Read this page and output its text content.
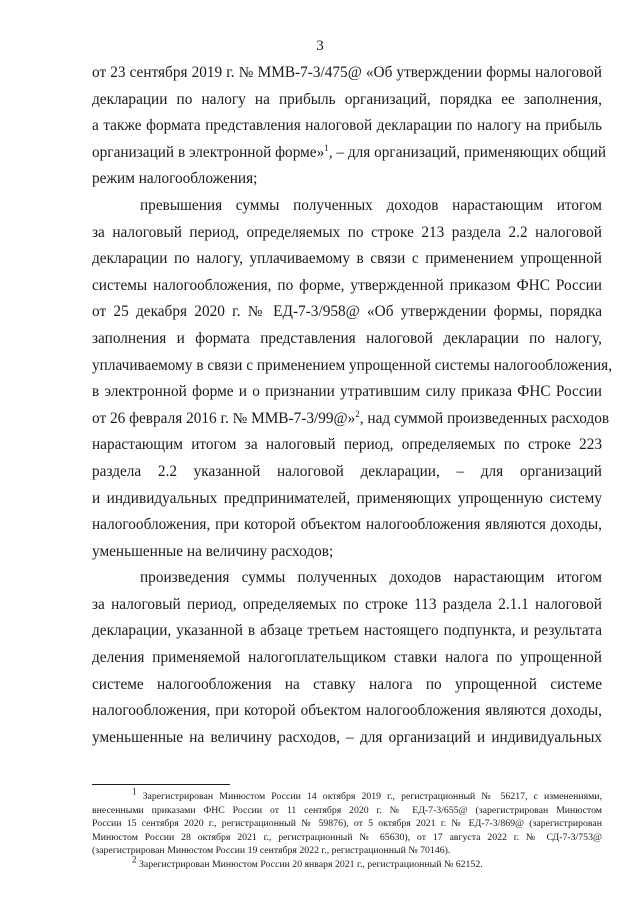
3
от 23 сентября 2019 г. № ММВ-7-3/475@ «Об утверждении формы налоговой
декларации по налогу на прибыль организаций, порядка ее заполнения,
а также формата представления налоговой декларации по налогу на прибыль
организаций в электронной форме»$^1$, – для организаций, применяющих общий
режим налогообложения;
превышения суммы полученных доходов нарастающим итогом
за налоговый период, определяемых по строке 213 раздела 2.2 налоговой
декларации по налогу, уплачиваемому в связи с применением упрощенной
системы налогообложения, по форме, утвержденной приказом ФНС России
от 25 декабря 2020 г. № ЕД-7-3/958@ «Об утверждении формы, порядка
заполнения и формата представления налоговой декларации по налогу,
уплачиваемому в связи с применением упрощенной системы налогообложения,
в электронной форме и о признании утратившим силу приказа ФНС России
от 26 февраля 2016 г. № ММВ-7-3/99@»$^2$, над суммой произведенных расходов
нарастающим итогом за налоговый период, определяемых по строке 223
раздела 2.2 указанной налоговой декларации, – для организаций
и индивидуальных предпринимателей, применяющих упрощенную систему
налогообложения, при которой объектом налогообложения являются доходы,
уменьшенные на величину расходов;
произведения суммы полученных доходов нарастающим итогом
за налоговый период, определяемых по строке 113 раздела 2.1.1 налоговой
декларации, указанной в абзаце третьем настоящего подпункта, и результата
деления применяемой налогоплательщиком ставки налога по упрощенной
системе налогообложения на ставку налога по упрощенной системе
налогообложения, при которой объектом налогообложения являются доходы,
уменьшенные на величину расходов, – для организаций и индивидуальных
$^1$ Зарегистрирован Минюстом России 14 октября 2019 г., регистрационный № 56217, с изменениями,
внесенными приказами ФНС России от 11 сентября 2020 г. № ЕД-7-3/655@ (зарегистрирован Минюстом
России 15 сентября 2020 г., регистрационный № 59876), от 5 октября 2021 г. № ЕД-7-3/869@ (зарегистрирован
Минюстом России 28 октября 2021 г., регистрационный № 65630), от 17 августа 2022 г. № СД-7-3/753@
(зарегистрирован Минюстом России 19 сентября 2022 г., регистрационный № 70146).
$^2$ Зарегистрирован Минюстом России 20 января 2021 г., регистрационный № 62152.
